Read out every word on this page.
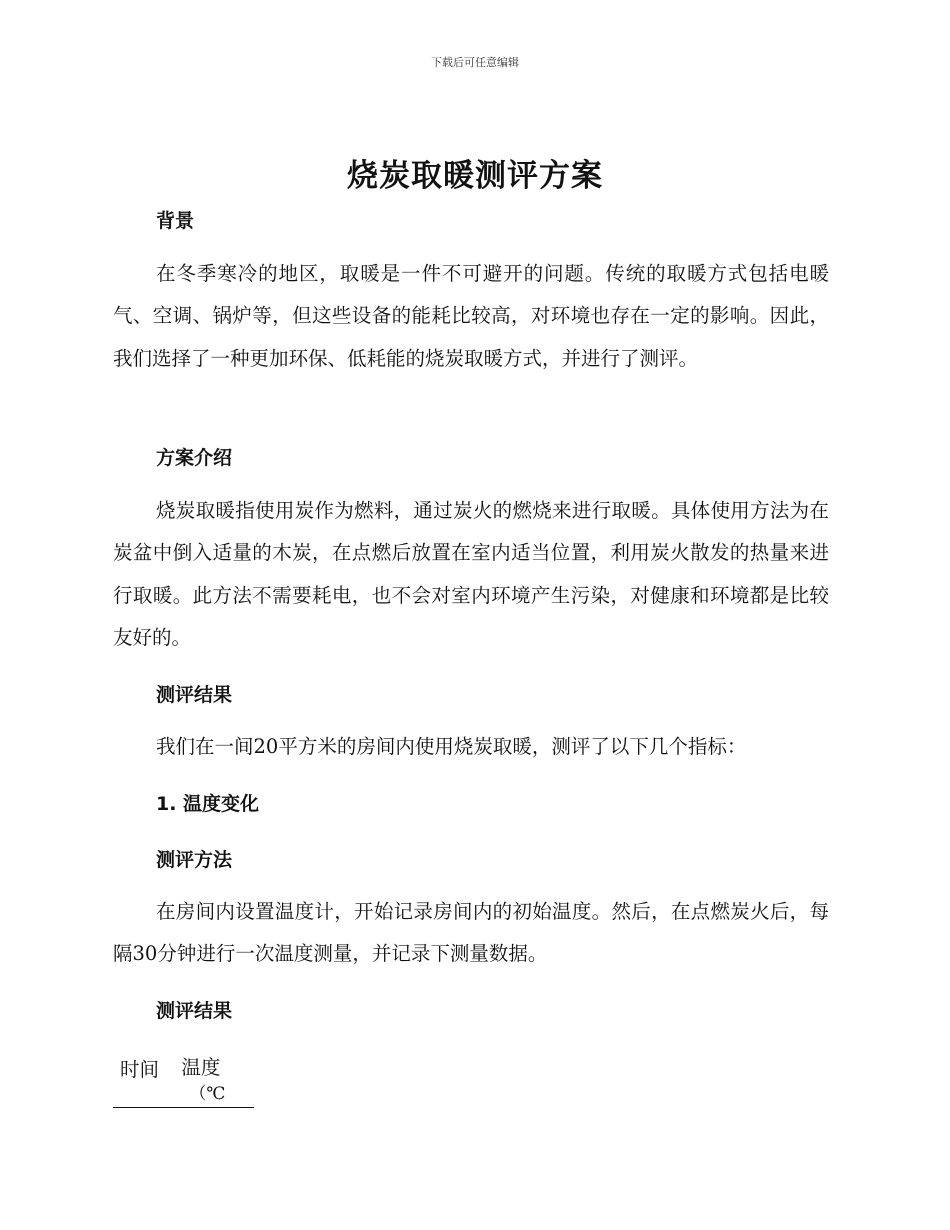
下载后可任意编辑
烧炭取暖测评方案
背景
在冬季寒冷的地区，取暖是一件不可避开的问题。传统的取暖方式包括电暖气、空调、锅炉等，但这些设备的能耗比较高，对环境也存在一定的影响。因此，我们选择了一种更加环保、低耗能的烧炭取暖方式，并进行了测评。
方案介绍
烧炭取暖指使用炭作为燃料，通过炭火的燃烧来进行取暖。具体使用方法为在炭盆中倒入适量的木炭，在点燃后放置在室内适当位置，利用炭火散发的热量来进行取暖。此方法不需要耗电，也不会对室内环境产生污染，对健康和环境都是比较友好的。
测评结果
我们在一间20平方米的房间内使用烧炭取暖，测评了以下几个指标：
1. 温度变化
测评方法
在房间内设置温度计，开始记录房间内的初始温度。然后，在点燃炭火后，每隔30分钟进行一次温度测量，并记录下测量数据。
测评结果
时间	温度
（℃
